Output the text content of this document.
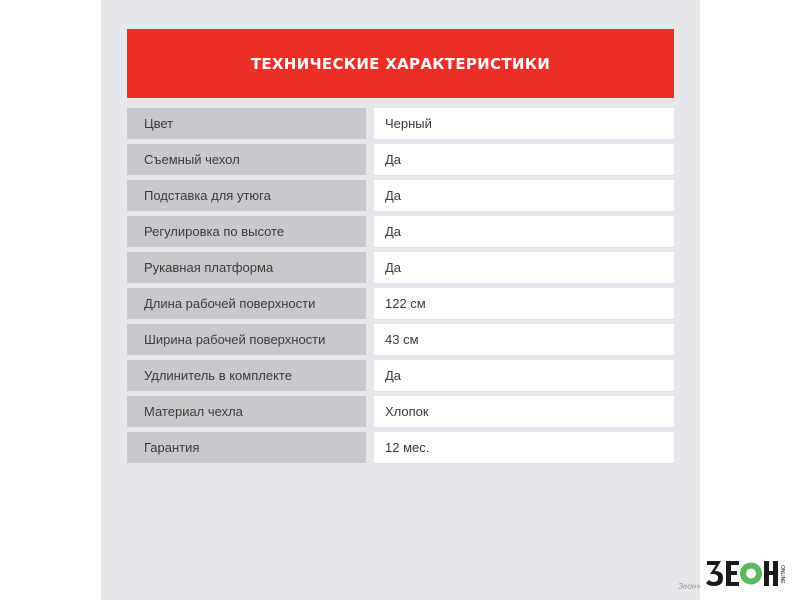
ТЕХНИЧЕСКИЕ ХАРАКТЕРИСТИКИ
Цвет	Черный
Съемный чехол	Да
Подставка для утюга	Да
Регулировка по высоте	Да
Рукавная платформа	Да
Длина рабочей поверхности	122 см
Ширина рабочей поверхности	43 см
Удлинитель в комплекте	Да
Материал чехла	Хлопок
Гарантия	12 мес.
Зеон+
ONLINE
